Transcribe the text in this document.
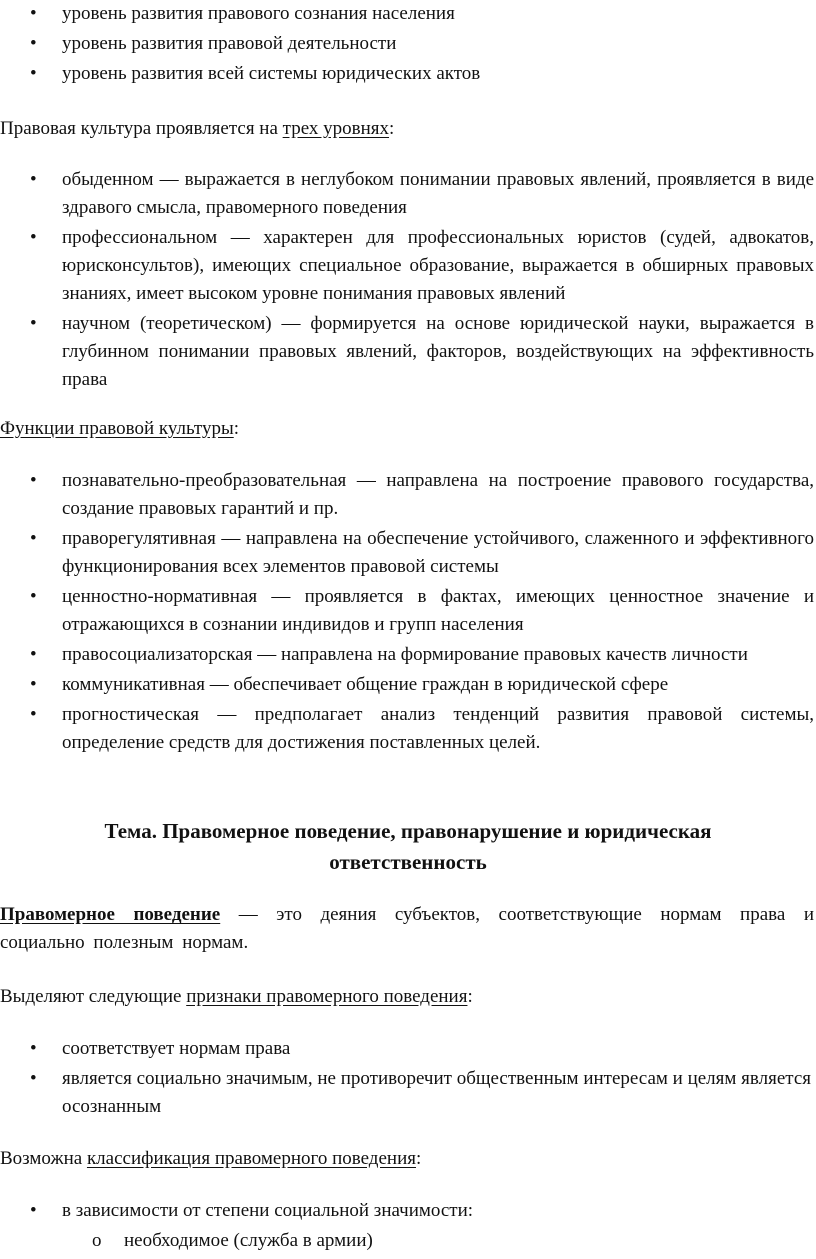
• уровень развития правового сознания населения
• уровень развития правовой деятельности
• уровень развития всей системы юридических актов

Правовая культура проявляется на трех уровнях:

• обыденном — выражается в неглубоком понимании правовых явлений, проявляется в виде здравого смысла, правомерного поведения
• профессиональном — характерен для профессиональных юристов (судей, адвокатов, юрисконсультов), имеющих специальное образование, выражается в обширных правовых знаниях, имеет высоком уровне понимания правовых явлений
• научном (теоретическом) — формируется на основе юридической науки, выражается в глубинном понимании правовых явлений, факторов, воздействующих на эффективность права

Функции правовой культуры:

• познавательно-преобразовательная — направлена на построение правового государства, создание правовых гарантий и пр.
• праворегулятивная — направлена на обеспечение устойчивого, слаженного и эффективного функционирования всех элементов правовой системы
• ценностно-нормативная — проявляется в фактах, имеющих ценностное значение и отражающихся в сознании индивидов и групп населения
• правосоциализаторская — направлена на формирование правовых качеств личности
• коммуникативная — обеспечивает общение граждан в юридической сфере
• прогностическая — предполагает анализ тенденций развития правовой системы, определение средств для достижения поставленных целей.
Тема. Правомерное поведение, правонарушение и юридическая
ответственность

Правомерное поведение — это деяния субъектов, соответствующие нормам права и социально полезным нормам.

Выделяют следующие признаки правомерного поведения:

• соответствует нормам права
• является социально значимым, не противоречит общественным интересам и целям является осознанным

Возможна классификация правомерного поведения:

• в зависимости от степени социальной значимости:
o необходимое (служба в армии)
